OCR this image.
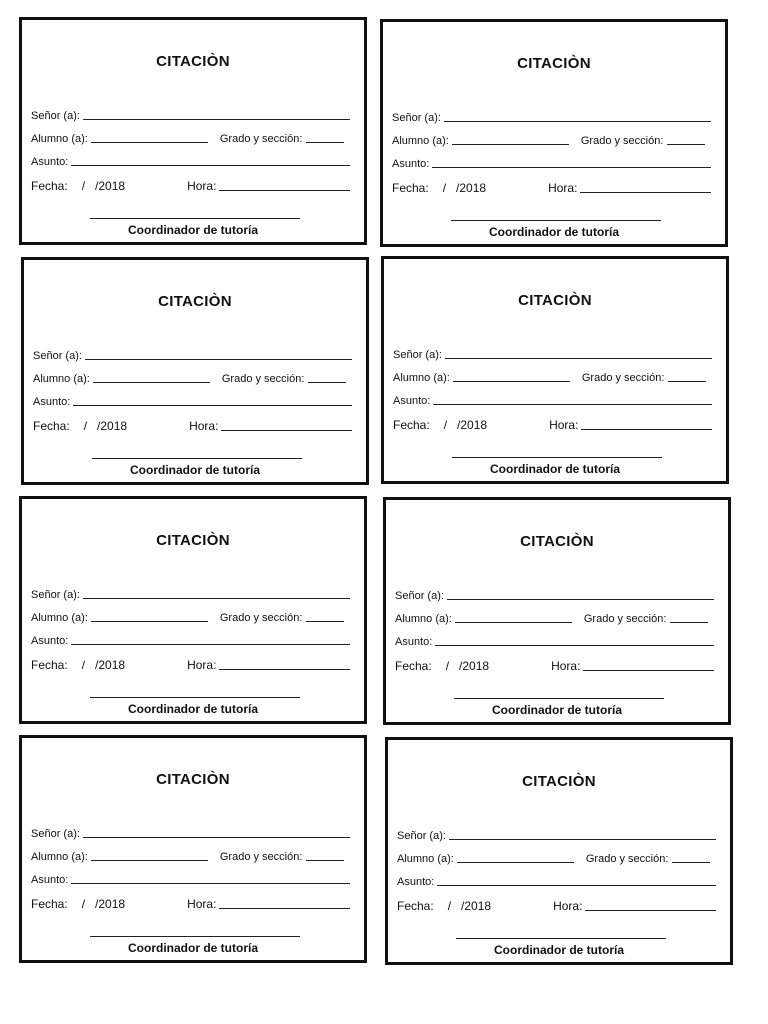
CITACIÒN
Señor (a):
Alumno (a):	Grado y sección:
Asunto:
Fecha: /   / 2018	Hora:
Coordinador de tutoría
CITACIÒN
Señor (a):
Alumno (a):	Grado y sección:
Asunto:
Fecha: /   / 2018	Hora:
Coordinador de tutoría
CITACIÒN
Señor (a):
Alumno (a):	Grado y sección:
Asunto:
Fecha: /   / 2018	Hora:
Coordinador de tutoría
CITACIÒN
Señor (a):
Alumno (a):	Grado y sección:
Asunto:
Fecha: /   / 2018	Hora:
Coordinador de tutoría
CITACIÒN
Señor (a):
Alumno (a):	Grado y sección:
Asunto:
Fecha: /   / 2018	Hora:
Coordinador de tutoría
CITACIÒN
Señor (a):
Alumno (a):	Grado y sección:
Asunto:
Fecha: /   / 2018	Hora:
Coordinador de tutoría
CITACIÒN
Señor (a):
Alumno (a):	Grado y sección:
Asunto:
Fecha: /   / 2018	Hora:
Coordinador de tutoría
CITACIÒN
Señor (a):
Alumno (a):	Grado y sección:
Asunto:
Fecha: /   / 2018	Hora:
Coordinador de tutoría
